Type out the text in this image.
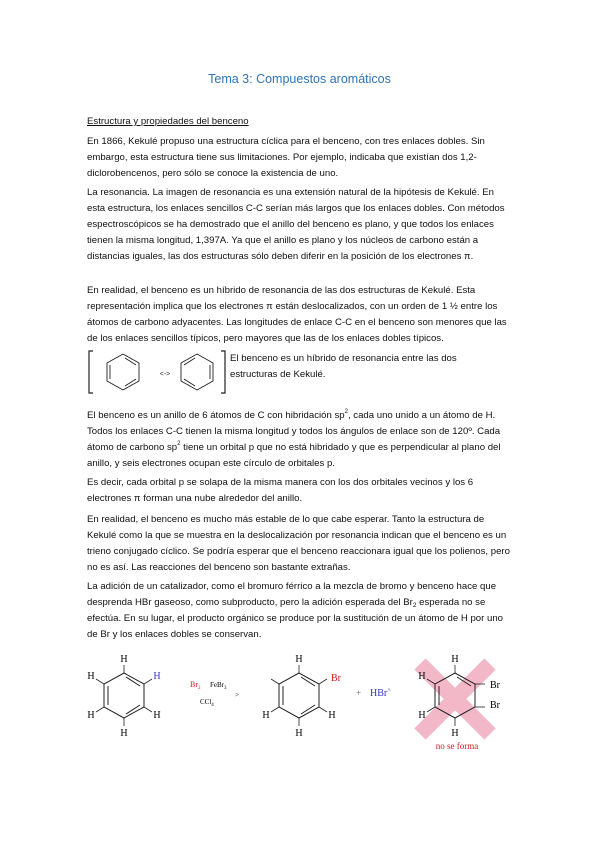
Tema 3: Compuestos aromáticos
Estructura y propiedades del benceno
En 1866, Kekulé propuso una estructura cíclica para el benceno, con tres enlaces dobles. Sin embargo, esta estructura tiene sus limitaciones. Por ejemplo, indicaba que existían dos 1,2-diclorobencenos, pero sólo se conoce la existencia de uno.
La resonancia. La imagen de resonancia es una extensión natural de la hipótesis de Kekulé. En esta estructura, los enlaces sencillos C-C serían más largos que los enlaces dobles. Con métodos espectroscópicos se ha demostrado que el anillo del benceno es plano, y que todos los enlaces tienen la misma longitud, 1,397A. Ya que el anillo es plano y los núcleos de carbono están a distancias iguales, las dos estructuras sólo deben diferir en la posición de los electrones π.
En realidad, el benceno es un híbrido de resonancia de las dos estructuras de Kekulé. Esta representación implica que los electrones π están deslocalizados, con un orden de 1 ½ entre los átomos de carbono adyacentes. Las longitudes de enlace C-C en el benceno son menores que las de los enlaces sencillos típicos, pero mayores que las de los enlaces dobles típicos.
<->
El benceno es un híbrido de resonancia entre las dos estructuras de Kekulé.
El benceno es un anillo de 6 átomos de C con hibridación $sp^2$, cada uno unido a un átomo de H. Todos los enlaces C-C tienen la misma longitud y todos los ángulos de enlace son de 120º. Cada átomo de carbono $sp^2$ tiene un orbital p que no está hibridado y que es perpendicular al plano del anillo, y seis electrones ocupan este círculo de orbitales p.
Es decir, cada orbital p se solapa de la misma manera con los dos orbitales vecinos y los 6 electrones π forman una nube alrededor del anillo.
En realidad, el benceno es mucho más estable de lo que cabe esperar. Tanto la estructura de Kekulé como la que se muestra en la deslocalización por resonancia indican que el benceno es un trieno conjugado cíclico. Se podría esperar que el benceno reaccionara igual que los polienos, pero no es así. Las reacciones del benceno son bastante extrañas.
La adición de un catalizador, como el bromuro férrico a la mezcla de bromo y benceno hace que desprenda HBr gaseoso, como subproducto, pero la adición esperada del $Br_2$ esperada no se efectúa. En su lugar, el producto orgánico se produce por la sustitución de un átomo de H por uno de Br y los enlaces dobles se conservan.
H
H
H
H
H
H
$Br_2$ FeBr$_3$
CCl$_4$
>
H
Br
H
H
H
+ HBr^
H
H
Br
Br
H
H
no se forma
